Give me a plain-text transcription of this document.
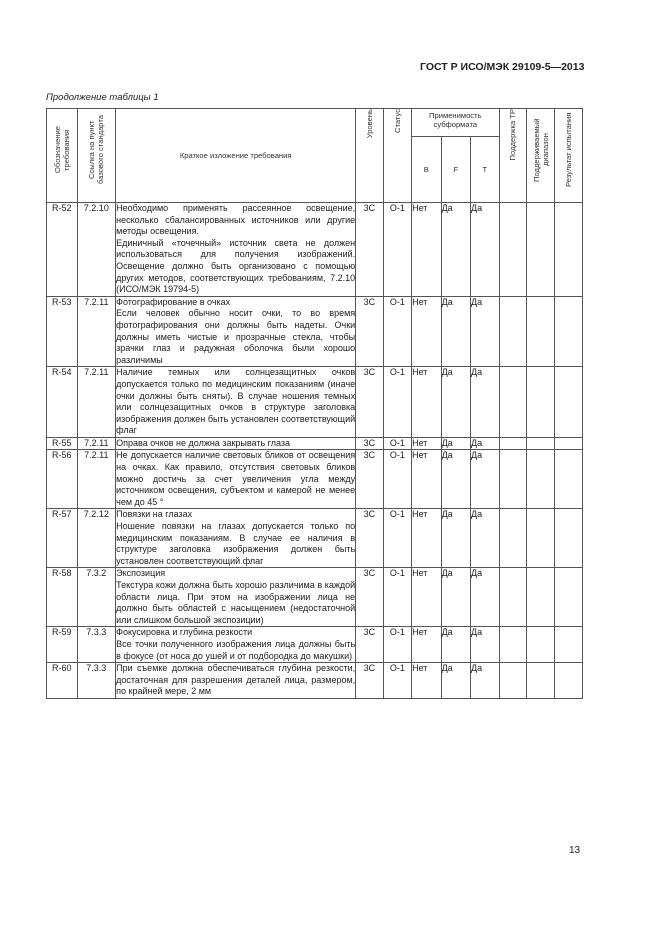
ГОСТ Р ИСО/МЭК 29109-5—2013
Продолжение таблицы 1
Обозначение требования	Ссылка на пункт базового стандарта	Краткое изложение требования	Уровень	Статус	Применимость субформата			Поддержка ТР	Поддерживаемый диапазон	Результат испытания

					B	F	T			
R-52	7.2.10	Необходимо применять рассеянное освещение, несколько сбалансированных источников или другие методы освещения.
Единичный «точечный» источник света не должен использоваться для получения изображений. Освещение должно быть организовано с помощью других методов, соответствующих требованиям, 7.2.10 (ИСО/МЭК 19794-5)	3C	O-1	Нет	Да	Да			
R-53	7.2.11	Фотографирование в очках
Если человек обычно носит очки, то во время фотографирования они должны быть надеты. Очки должны иметь чистые и прозрачные стекла, чтобы зрачки глаз и радужная оболочка были хорошо различимы	3C	O-1	Нет	Да	Да			
R-54	7.2.11	Наличие темных или солнцезащитных очков допускается только по медицинским показаниям (иначе очки должны быть сняты). В случае ношения темных или солнцезащитных очков в структуре заголовка изображения должен быть установлен соответствующий флаг	3C	O-1	Нет	Да	Да			
R-55	7.2.11	Оправа очков не должна закрывать глаза	3C	O-1	Нет	Да	Да			
R-56	7.2.11	Не допускается наличие световых бликов от освещения на очках. Как правило, отсутствия световых бликов можно достичь за счет увеличения угла между источником освещения, субъектом и камерой не менее чем до 45 °	3C	O-1	Нет	Да	Да			
R-57	7.2.12	Повязки на глазах
Ношение повязки на глазах допускается только по медицинским показаниям. В случае ее наличия в структуре заголовка изображения должен быть установлен соответствующий флаг	3C	O-1	Нет	Да	Да			
R-58	7.3.2	Экспозиция
Текстура кожи должна быть хорошо различима в каждой области лица. При этом на изображении лица не должно быть областей с насыщением (недостаточной или слишком большой экспозиции)	3C	O-1	Нет	Да	Да			
R-59	7.3.3	Фокусировка и глубина резкости
Все точки полученного изображения лица должны быть в фокусе (от носа до ушей и от подбородка до макушки)	3C	O-1	Нет	Да	Да			
R-60	7.3.3	При съемке должна обеспечиваться глубина резкости, достаточная для разрешения деталей лица, размером, по крайней мере, 2 мм	3C	O-1	Нет	Да	Да			
13
